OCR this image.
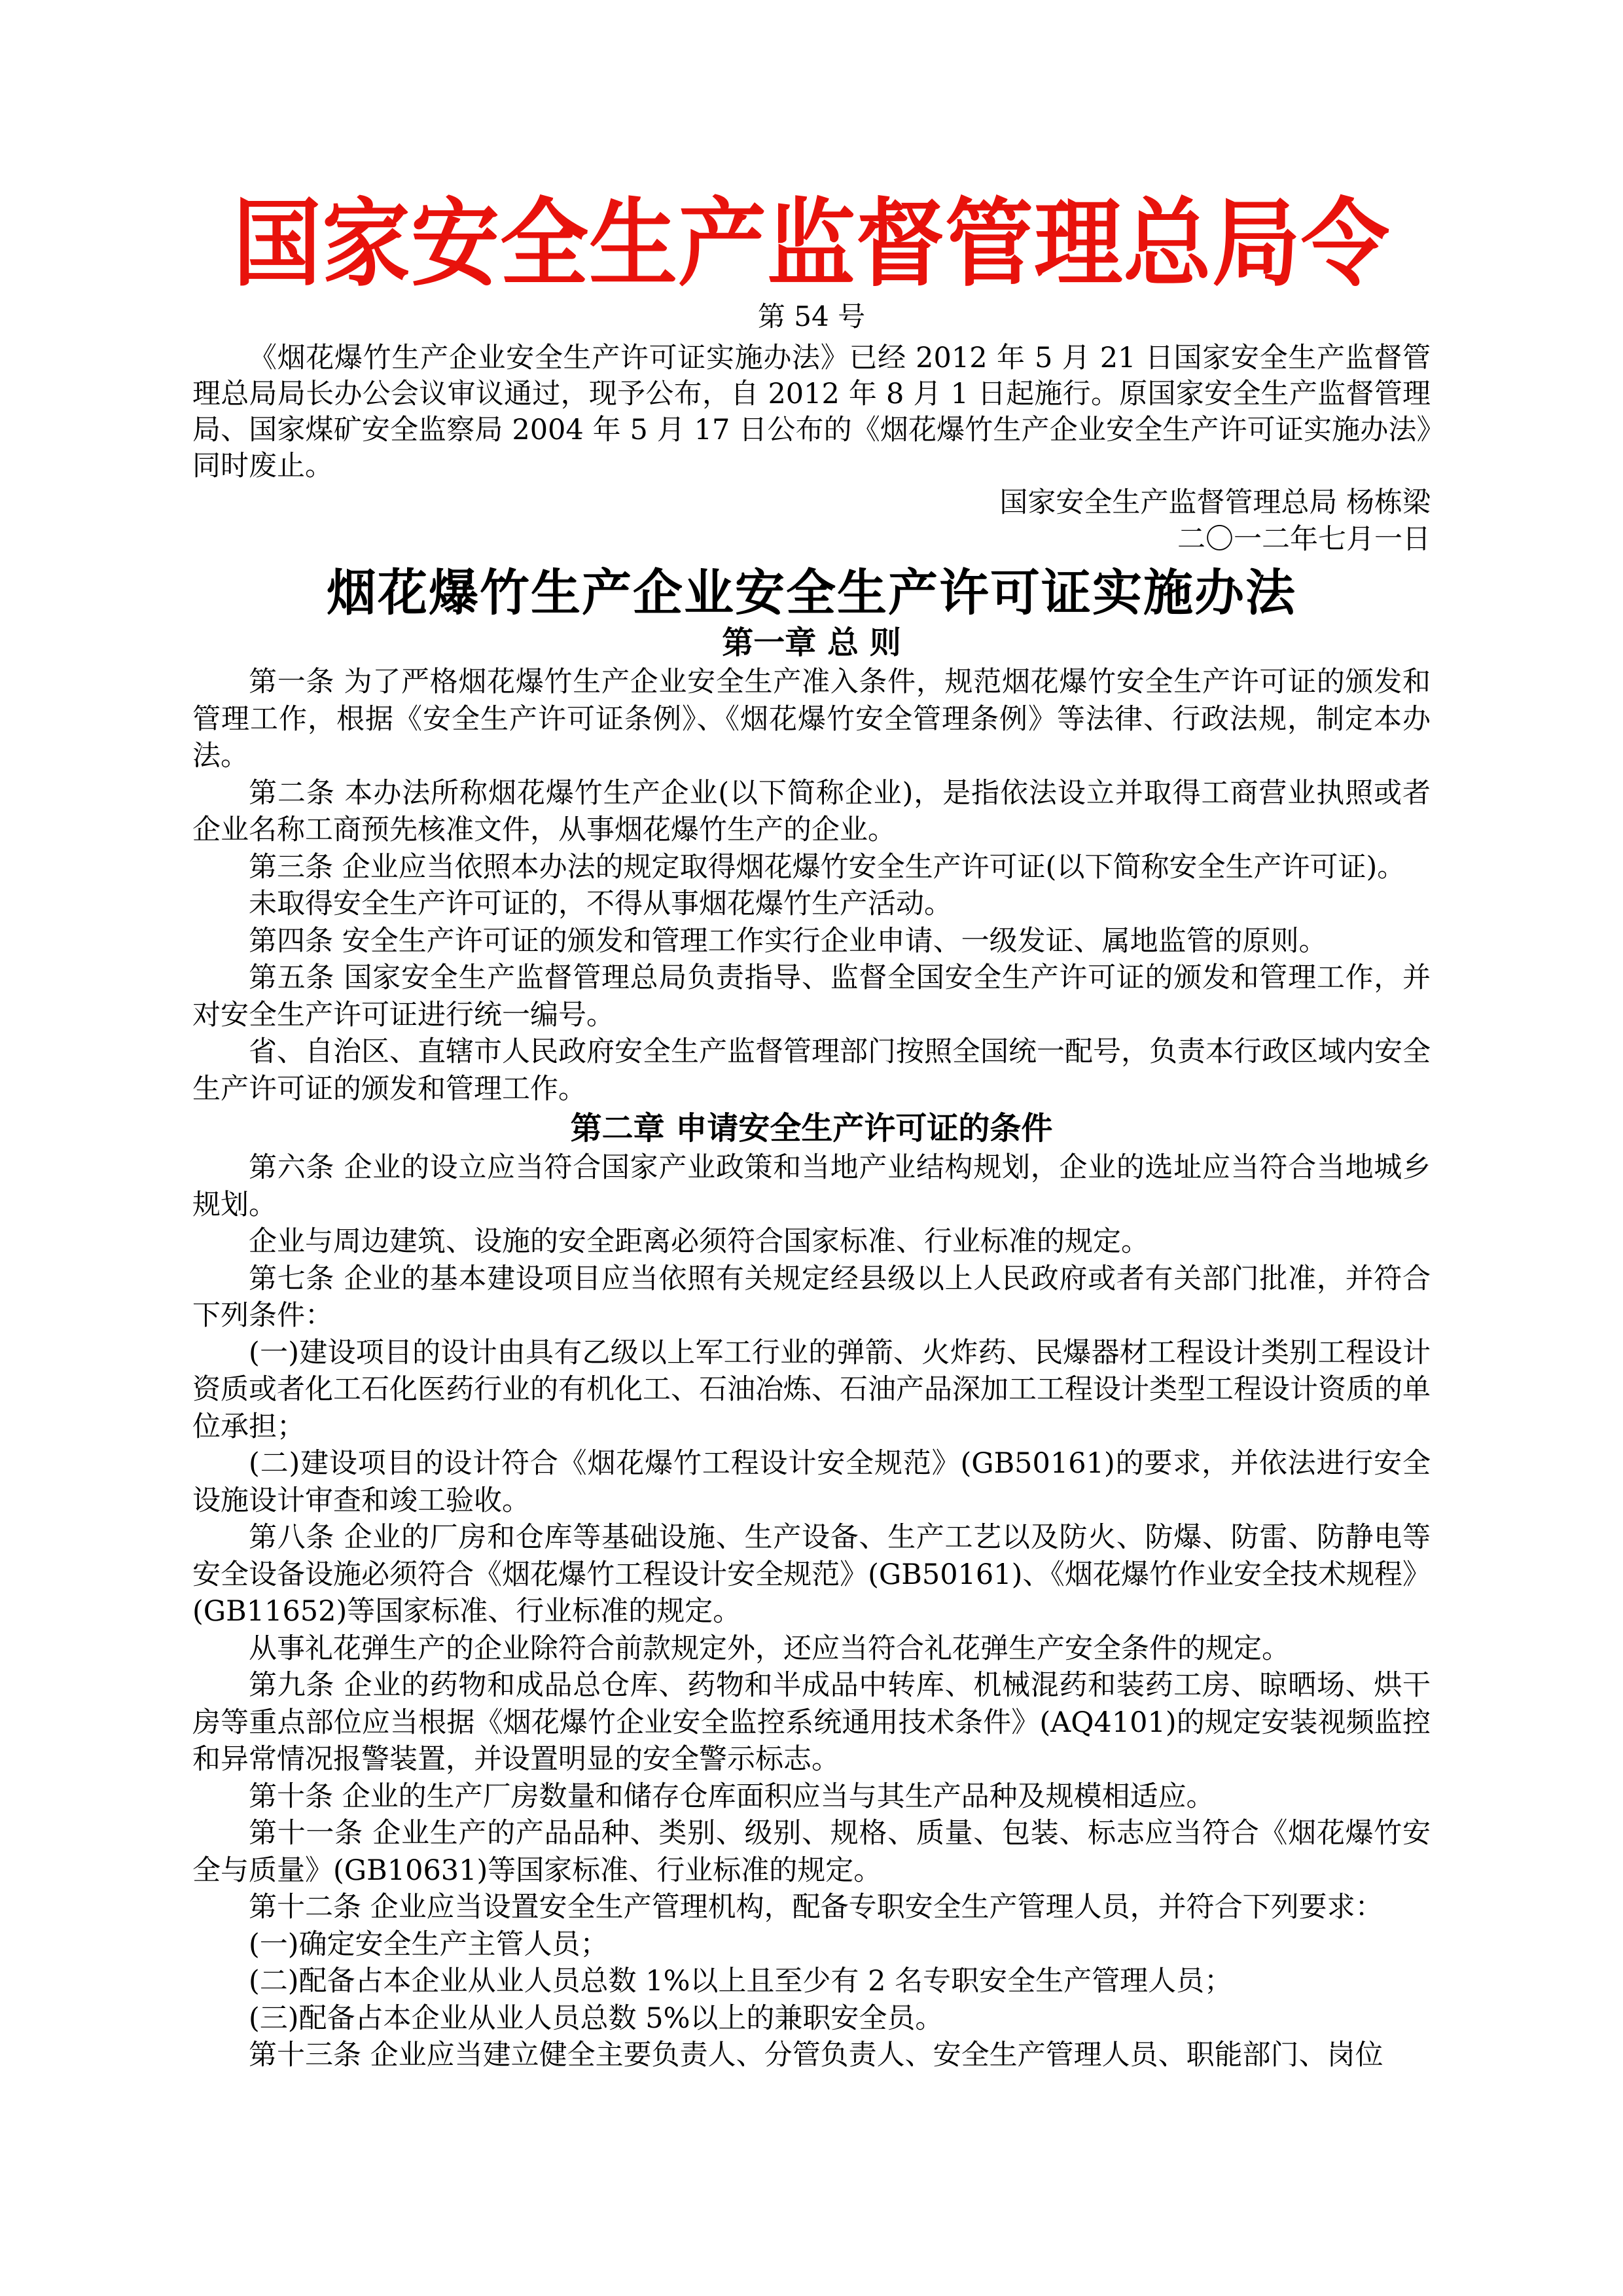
国家安全生产监督管理总局令
第 54 号

《烟花爆竹生产企业安全生产许可证实施办法》已经 2012 年 5 月 21 日国家安全生产监督管理总局局长办公会议审议通过，现予公布，自 2012 年 8 月 1 日起施行。原国家安全生产监督管理局、国家煤矿安全监察局 2004 年 5 月 17 日公布的《烟花爆竹生产企业安全生产许可证实施办法》同时废止。

国家安全生产监督管理总局 杨栋梁
二〇一二年七月一日
烟花爆竹生产企业安全生产许可证实施办法
第一章 总 则

第一条 为了严格烟花爆竹生产企业安全生产准入条件，规范烟花爆竹安全生产许可证的颁发和管理工作，根据《安全生产许可证条例》、《烟花爆竹安全管理条例》等法律、行政法规，制定本办法。

第二条 本办法所称烟花爆竹生产企业(以下简称企业)，是指依法设立并取得工商营业执照或者企业名称工商预先核准文件，从事烟花爆竹生产的企业。

第三条 企业应当依照本办法的规定取得烟花爆竹安全生产许可证(以下简称安全生产许可证)。

未取得安全生产许可证的，不得从事烟花爆竹生产活动。

第四条 安全生产许可证的颁发和管理工作实行企业申请、一级发证、属地监管的原则。

第五条 国家安全生产监督管理总局负责指导、监督全国安全生产许可证的颁发和管理工作，并对安全生产许可证进行统一编号。

省、自治区、直辖市人民政府安全生产监督管理部门按照全国统一配号，负责本行政区域内安全生产许可证的颁发和管理工作。

第二章 申请安全生产许可证的条件

第六条 企业的设立应当符合国家产业政策和当地产业结构规划，企业的选址应当符合当地城乡规划。

企业与周边建筑、设施的安全距离必须符合国家标准、行业标准的规定。

第七条 企业的基本建设项目应当依照有关规定经县级以上人民政府或者有关部门批准，并符合下列条件：

(一)建设项目的设计由具有乙级以上军工行业的弹箭、火炸药、民爆器材工程设计类别工程设计资质或者化工石化医药行业的有机化工、石油冶炼、石油产品深加工工程设计类型工程设计资质的单位承担；

(二)建设项目的设计符合《烟花爆竹工程设计安全规范》(GB50161)的要求，并依法进行安全设施设计审查和竣工验收。

第八条 企业的厂房和仓库等基础设施、生产设备、生产工艺以及防火、防爆、防雷、防静电等安全设备设施必须符合《烟花爆竹工程设计安全规范》(GB50161)、《烟花爆竹作业安全技术规程》(GB11652)等国家标准、行业标准的规定。

从事礼花弹生产的企业除符合前款规定外，还应当符合礼花弹生产安全条件的规定。

第九条 企业的药物和成品总仓库、药物和半成品中转库、机械混药和装药工房、晾晒场、烘干房等重点部位应当根据《烟花爆竹企业安全监控系统通用技术条件》(AQ4101)的规定安装视频监控和异常情况报警装置，并设置明显的安全警示标志。

第十条 企业的生产厂房数量和储存仓库面积应当与其生产品种及规模相适应。

第十一条 企业生产的产品品种、类别、级别、规格、质量、包装、标志应当符合《烟花爆竹安全与质量》(GB10631)等国家标准、行业标准的规定。

第十二条 企业应当设置安全生产管理机构，配备专职安全生产管理人员，并符合下列要求：

(一)确定安全生产主管人员；

(二)配备占本企业从业人员总数 1%以上且至少有 2 名专职安全生产管理人员；

(三)配备占本企业从业人员总数 5%以上的兼职安全员。

第十三条 企业应当建立健全主要负责人、分管负责人、安全生产管理人员、职能部门、岗位
